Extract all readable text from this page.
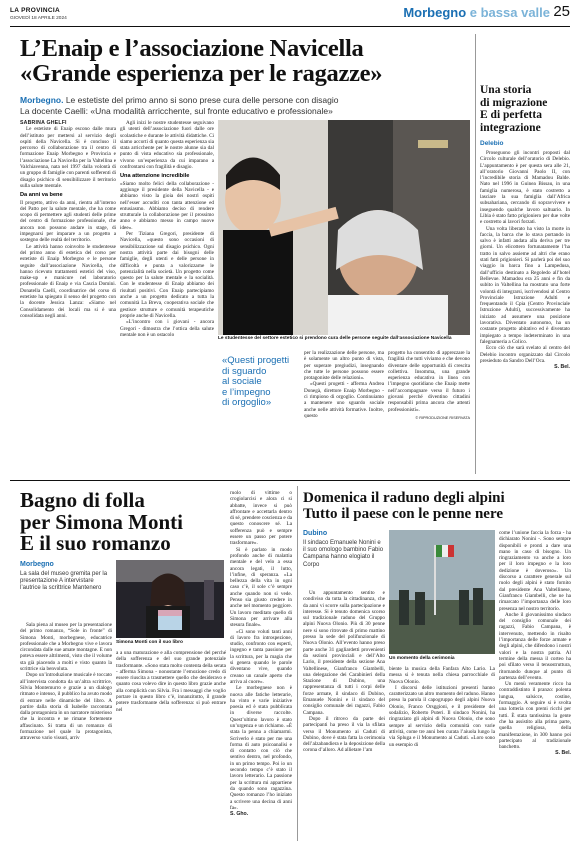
LA PROVINCIA
GIOVEDÌ 18 APRILE 2024	Morbegno e bassa valle 25
L’Enaip e l’associazione Navicella
«Grande esperienza per le ragazze»
Morbegno. Le estetiste del primo anno si sono prese cura delle persone con disagio
La docente Caelli: «Una modalità arricchente, sul fronte educativo e professionale»
SABRINA GHELFI

Le estetiste di Enaip escono dalle mura dell’istituto per mettersi al servizio degli ospiti della Navicella. Si è concluso il percorso di collaborazione tra il centro di formazione Enaip Morbegno e Provincia e l’associazione La Navicella per la Valtellina e Valchiavenna, nata nel 1997 dalla volontà di un gruppo di famiglie con parenti sofferenti di disagio psichico di sensibilizzare il territorio sulla salute mentale.

Da anni va bene

Il progetto, attivo da anni, rientra all’interno del Patto per la salute mentale, che ha come scopo di permettere agli studenti delle prime del centro di formazione professionale, che ancora non possono andare in stage, di impegnarsi per imparare a un progetto a sostegno delle realtà del territorio.

Le attività hanno coinvolto le studentesse del primo anno di estetica del corso per estetiste di Enaip Morbegno e le persone seguite dall’associazione Navicella, che hanno ricevuto trattamenti estetici del viso, make-up e manicure nel laboratorio professionale di Enaip e via Cascia Domini. Donatella Caelli, coordinatrice del corso di estetiste ha spiegato il senso del progetto con la docente Jessica Lanza: «Siamo nel Consolidamento dei locali ma si è una consolidata negli anni.

Agli inizi le nostre studentesse seguivano gli utenti dell’associazione fuori dalle ore scolastiche e durante le attività didattiche. Ci siamo accorti di quanto questa esperienza sia stata arricchente per le nostre alunne sia dal punto di vista educativo sia professionale, vivono un’esperienza da cui imparano a confrontarsi con fragilità e disagio.

Una attenzione incredibile

«Siamo molto felici della collaborazione - aggiunge il presidente della Navicella - e abbiamo visto la gioia dei nostri ospiti nell’esser accuditi con tanta attenzione ed entusiasmo. Abbiamo deciso di rendere strutturale la collaborazione per il prossimo anno e abbiamo messo in campo nuove idee».

Per Tiziana Gregori, presidente di Navicella, «questo sono occasioni di sensibilizzazione sul disagio psichico. Ogni nostra attività parte dai bisogni delle famiglie, degli utenti e delle persone in difficoltà e punta a valorizzarne le potenzialità nella società. Un progetto come questo per la salute mentale e la socialità. Con le studentesse di Enaip abbiamo dei risultati positivi. Con Enaip partecipiamo anche a un progetto dedicato a tutta la comunità La Breva, cooperativa sociale che gestisce strutture e comunità terapeutiche proprie anche di Navicella.

«L’incontro con i giovani - ancora Gregori - dimostra che l’ottica della salute mentale non è un ostacolo

Le studentesse del settore estetico si prendono cura delle persone seguite dall’associazione Navicella
«Questi progetti
di sguardo
al sociale
e l’impegno
di orgoglio»

per la realizzazione delle persone, ma è solamente un altro punto di vista, per superare pregiudizi, insegnando che tutte le persone possono essere protagoniste delle relazioni».

«Questi progetti - afferma Andrea Donegà, direttore Enaip Morbegno - ci rimpiono di orgoglio. Continuiamo a mantenere uno sguardo sociale anche nelle attività formative. Inoltre, questo

progetto ha consentito di apprezzare la fragilità che tutti viviamo e che devono diventare delle opportunità di crescita collettiva. Insomma, una grande esperienza educativa in linea con l’impegno quotidiano che Enaip mette nell’accompagnare verso il futuro i giovani perché diventino cittadini responsabili prima ancora che attenti professionisti».

© RIPRODUZIONE RISERVATA
Una storia
di migrazione
E di perfetta
integrazione
Delebio

Proseguono gli incontri proposti dal Circolo culturale dell’oratorio di Delebio. L’appuntamento è per questa sera alle 21, all’oratorio Giovanni Paolo II, con l’incredibile storia di Mamadou Balde. Nato nel 1996 in Guinea Bissau, in una famiglia numerosa, è stato costretto a lasciare la sua famiglia dall’Africa subsahariana, cercando di sopravvivere e inseguendo qualche lavoro saltuario. In Libia è stato fatto prigioniero per due volte e costretto ai lavori forzati.

Una volta liberato ha visto la morte in faccia, la barca che lo stava portando in salvo è infatti andata alla deriva per tre giorni. Un elicottero fortunatamente l’ha tratto in salvo assieme ad altri che erano stati fatti prigionieri. Si parlerà poi del suo viaggio in barca fino a Lampedusa, dall’ufficio destinato a Regoledo all’hotel Bellevue. Mamadou era 25 anni e fin da subito in Valtellina ha mostrato una forte volontà di integrarsi, iscrivendosi al Centro Provinciale Istruzione Adulti e frequentando il Cpia (Centro Provinciale Istruzione Adulti), successivamente ha iniziato ad assumere una posizione lavorativa. Diventato autonomo, ha un costante progetto abitativo ed è diventato impiegato a tempo indeterminato in una falegnameria a Colico.

Ecco ciò che sarà svelato al centro del Delebio incontro organizzato dal Circolo presieduto da Sandro Dell’Oca.

S. Bel.
Bagno di folla
per Simona Monti
E il suo romanzo
Morbegno
La sala del museo gremita per la presentazione A intervistare l’autrice la scrittrice Mantenero
Simona Monti con il suo libro

Sala piena al museo per la presentazione del primo romanzo, “Sole in fronte” di Simona Monti, morbegnese, educatrice professionale che a Morbegno vive e lavora circondata dalle sue amate montagne. E non poteva essere altrimenti, visto che il volume sta già piacendo a molti e visto quanto la scrittrice sia benvoluta.

Dopo un’introduzione musicale è toccato all’intervista condotta da un’altra scrittrice, Silvia Montemurro e grazie a un dialogo ritmato e intenso, il pubblico ha avuto modo di entrare nelle dinamiche del libro. A partire dalla storia di Isabelle raccontata dalla protagonista in un narratore misterioso che la incontra e ne rimane fortemente affascinato. Si tratta di un romanzo di formazione nel quale la protagonista, attraverso vario vissuti, arriv

a a una maturazione e alla comprensione del perché della sofferenza e del suo grande potenziale trasformante. «Sono stata molto contenta della serata - afferma Simona - nonostante l’emozione credo di essere riuscita a trasmettere quello che desideravo e quanto cosa volevo dire in questo libro grazie anche alla complicità con Silvia. Fra i messaggi che voglio portare in questo libro c’è, innanzitutto, il grande potere trasformante della sofferenza: si può entrare nel

ruolo di vittime o crogiolarcisi e alora ci si abbatte, invece si può affrontare e accettarla dentro di sé, prendere coscienza e da questo conoscere sé. La sofferenza può e sempre essere un passo per potere trasformare».

Si è parlato in modo profondo anche di malattia mentale e del velo a essa ancora legati, il lutto, l’infine, di speranza. «La bellezza della vita in ogni caso c’è, il sole c’è sempre anche quando non si vede. Penso sia giusto credere in anche nel momento peggiore. Un lavoro meditato quello di Simona per arrivare alla stesura finale».

«Ci sono voluti tanti anni di lavoro fra introspezione, studio, confronto con esperti, ingegno e tanta passione per la scrittura, per la magia che si genera quando le parole diventano vive, quando creano un canale aperto che arriva al cuore».

Le morbegnese non è nuova alle fatiche letterarie, ha vinto e varie iniziative poesia ed è stata pubblicata in diverse raccolte. Quest’ultimo lavoro è stato un’urgenza e un richiamo. «È stata la penna a chiamarmi. Scriverlo è stato per me una forma di auto psicoanalisi e di contatto con ciò che sentivo dentro, nel profondo, in un primo tempo. Poi io un secondo tempo c’è stato il lavoro letterario. La passione per la scrittura mi appartiene da quando sono ragazzina. Questo romanzo l’ho iniziato a scrivere una decina di anni fa».

S. Gho.
Domenica il raduno degli alpini
Tutto il paese con le penne nere
Dubino
Il sindaco Emanuele Nonini e il suo omologo bambino Fabio Campana hanno elogiato il Corpo
Un momento della cerimonia

Un appuntamento sentito e condiviso da tutta la cittadinanza, che da anni vi scorre sulla partecipazione e interesse. Si è tenuto domenica scorso sul tradizionale raduno del Gruppo alpini Nuova Olonio. Più di 30 penne nere si sono ritrovate di primo mattino presso la sede del polifunzionale di Nuova Olonio. All’evento hanno preso parte anche 31 gagliardetti provenienti da sezioni provinciali e dell’Alto Lario, il presidente della sezione Ana Valtellinese, Gianfranco Giambelli, una delegazione dei Carabinieri della Stazione di Dubino, una rappresentanza di tutti i corpi delle forze armate, il sindaco di Dubino, Emanuele Nonini e il sindaco del consiglio comunale dei ragazzi, Fabio Campana.

Dopo il ritrovo da parte dei partecipanti ha preso il via la sfilata verso il Monumento ai Caduti di Dubino, dove è stata fatta la cerimonia dell’alzabandiera e la deposizione della corona d’alloro. Ad allietare l’am

biente la musica della Fanfara Alto Lario. La messa si è tenuta nella chiesa parrocchiale di Nuova Olonio.

I discorsi delle istituzioni presenti hanno caratterizzato un altro momento del raduno. Hanno preso la parola il capogruppo degli alpini Nuova Olonio, Franco Orsggioni, e il presidente del sodalizio, Roberto Puteri. Il sindaco Nonini, ha ringraziato gli alpini di Nuova Olonio, che sono sempre al servizio della comunità con varie attività, come tre anni ben curata l’aiuola lungo la via Spluga e il Monumento ai Caduti. «Loro sono un esempio di

come l’unione faccia la forza - ha dichiarato Nonini -. Sono sempre disponibili e pronti a dare una mano in caso di bisogno. Un ringraziamento va anche a loro per il loro impegno e la loro dedizione è doveroso». Un discorso a carattere generale sul ruolo degli alpini è stato fornito dal presidente Ana Valtellinese, Gianfranco Giambelli, che ne ha rimarcato l’importanza delle loro presenza nel nostro territorio.

Anche il giovanissimo sindaco del consiglio comunale dei ragazzi, Fabio Campana, è intervenuto, mettendo in risalto l’importanza delle forze armate e degli alpini, che difendono i nostri valori e la nostra patria. Al termine della messa il corteo ha poi sfilato verso il tensostruttura, ritornando dunque al punto di partenza dell’evento.

Un menù veramente ricco ha contraddistinto il pranzo: polenta lungua, salsicce, costine, formaggio. A seguire si è svolta una lotteria con premi ricchi per tutti. È stata tantissima la gente che ha assistito alla prima parte, quella religiosa, della manifestazione, in 300 hanno poi partecipato al tradizionale banchetto.

S. Bel.
